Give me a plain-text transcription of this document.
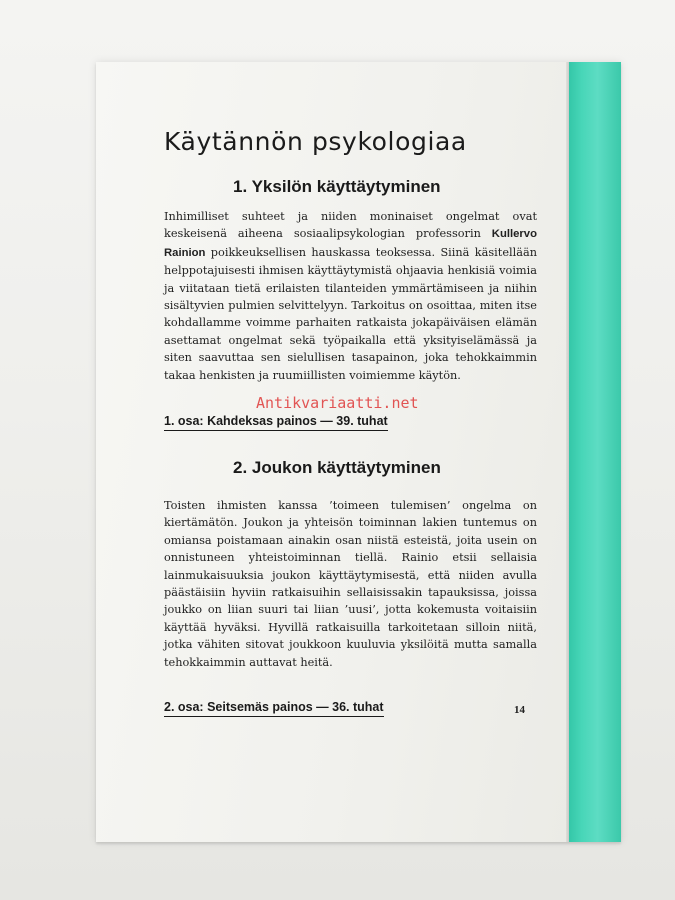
Käytännön psykologiaa
1. Yksilön käyttäytyminen

Inhimilliset suhteet ja niiden moninaiset ongelmat ovat keskeisenä aiheena sosiaalipsykologian professorin Kullervo Rainion poikkeuksellisen hauskassa teoksessa. Siinä käsitellään helppotajuisesti ihmisen käyttäytymistä ohjaavia henkisiä voimia ja viitataan tietä erilaisten tilanteiden ymmärtämiseen ja niihin sisältyvien pulmien selvittelyyn. Tarkoitus on osoittaa, miten itse kohdallamme voimme parhaiten ratkaista jokapäiväisen elämän asettamat ongelmat sekä työpaikalla että yksityiselämässä ja siten saavuttaa sen sielullisen tasapainon, joka tehokkaimmin takaa henkisten ja ruumiillisten voimiemme käytön.

Antikvariaatti.net
1. osa: Kahdeksas painos — 39. tuhat
2. Joukon käyttäytyminen

Toisten ihmisten kanssa ’toimeen tulemisen’ ongelma on kiertämätön. Joukon ja yhteisön toiminnan lakien tuntemus on omiansa poistamaan ainakin osan niistä esteistä, joita usein on onnistuneen yhteistoiminnan tiellä. Rainio etsii sellaisia lainmukaisuuksia joukon käyttäytymisestä, että niiden avulla päästäisiin hyviin ratkaisuihin sellaisissakin tapauksissa, joissa joukko on liian suuri tai liian ’uusi’, jotta kokemusta voitaisiin käyttää hyväksi. Hyvillä ratkaisuilla tarkoitetaan silloin niitä, jotka vähiten sitovat joukkoon kuuluvia yksilöitä mutta samalla tehokkaimmin auttavat heitä.

2. osa: Seitsemäs painos — 36. tuhat	14
